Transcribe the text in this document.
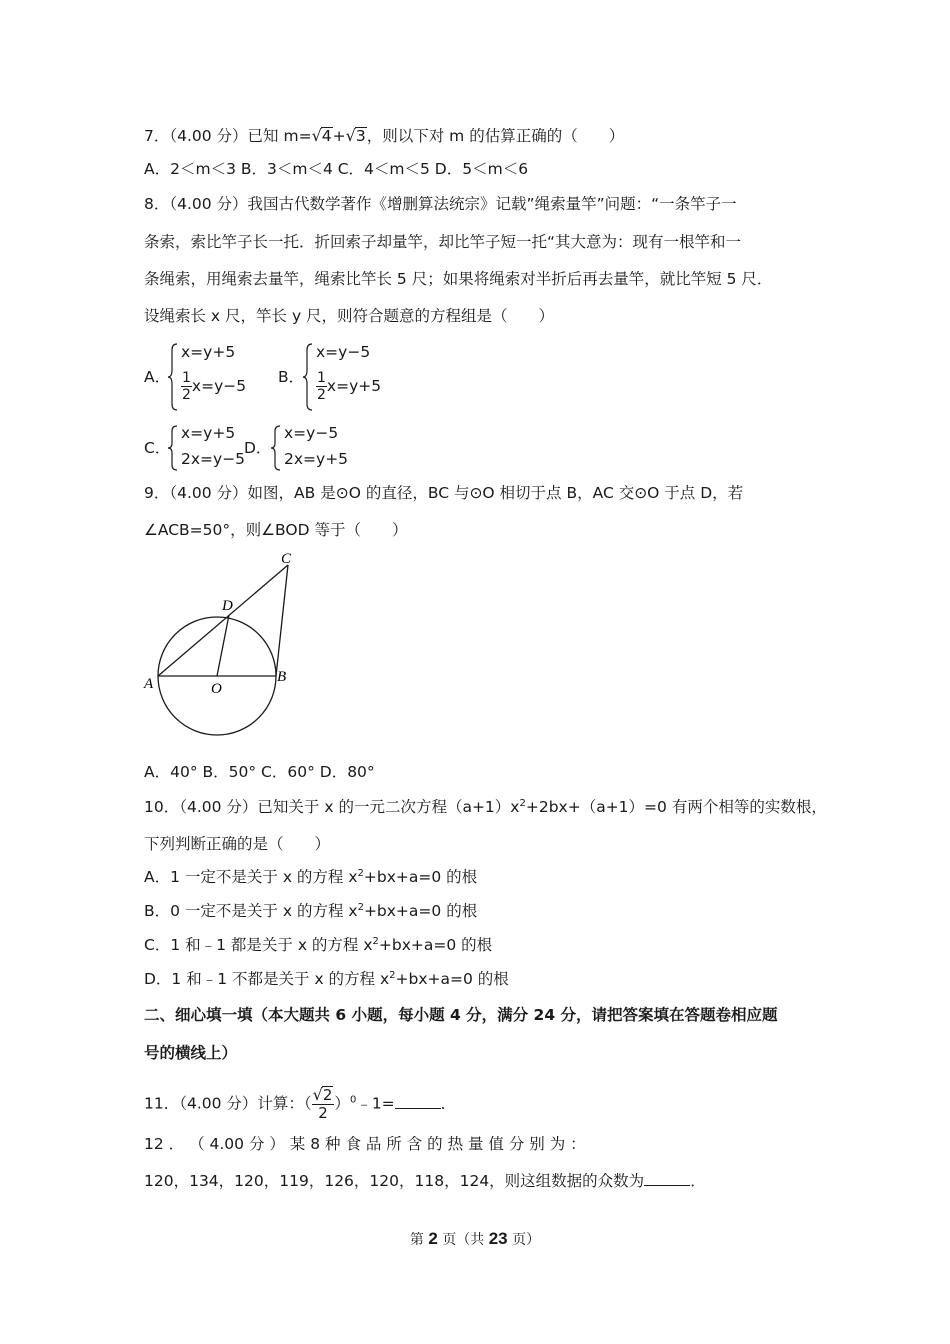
7．（4.00 分）已知 m=√4+√3，则以下对 m 的估算正确的（　　）
A．2＜m＜3 B．3＜m＜4 C．4＜m＜5 D．5＜m＜6
8．（4.00 分）我国古代数学著作《增删算法统宗》记载”绳索量竿”问题：“一条竿子一
条索，索比竿子长一托．折回索子却量竿，却比竿子短一托“其大意为：现有一根竿和一
条绳索，用绳索去量竿，绳索比竿长 5 尺；如果将绳索对半折后再去量竿，就比竿短 5 尺．
设绳索长 x 尺，竿长 y 尺，则符合题意的方程组是（　　）
A．
x=y+5
$\frac{1}{2} x=y-5$ B．
x=y−5
$\frac{1}{2} x=y+5$
C．
x=y+5
2x=y−5
D．
x=y−5
2x=y+5
9．（4.00 分）如图，AB 是⊙O 的直径，BC 与⊙O 相切于点 B，AC 交⊙O 于点 D，若
∠ACB=50°，则∠BOD 等于（　　）
A	B
C
D
O
A．40° B．50° C．60° D．80°
10．（4.00 分）已知关于 x 的一元二次方程$(a+1)x^2+2bx+(a+1)=0$ 有两个相等的实数根，
下列判断正确的是（　　）
A．1 一定不是关于 x 的方程 $x^2+bx+a=0$ 的根
B．0 一定不是关于 x 的方程 $x^2+bx+a=0$ 的根
C．1 和﹣1 都是关于 x 的方程 $x^2+bx+a=0$ 的根
D．1 和﹣1 不都是关于 x 的方程 $x^2+bx+a=0$ 的根
二、细心填一填（本大题共 6 小题，每小题 4 分，满分 24 分，请把答案填在答题卷相应题
号的横线上）
11．（4.00 分）计算：（ $\frac{√2}{2}$ ）$^0$﹣1=	．
12 ． （ 4.00 分 ） 某 8 种 食 品 所 含 的 热 量 值 分 别 为 ：
120，134，120，119，126，120，118，124，则这组数据的众数为	．
第 2 页（共 23 页）
